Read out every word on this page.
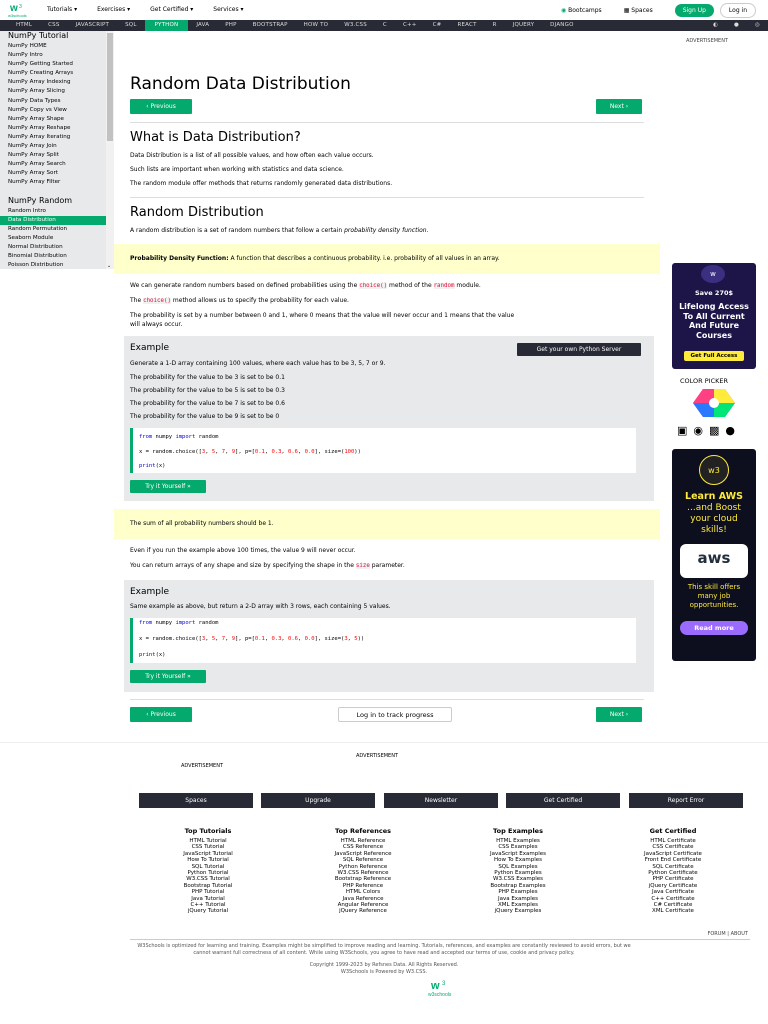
w 3
w3schools
Tutorials ▾	Exercises ▾	Get Certified ▾	Services ▾	◉ Bootcamps	▦ Spaces	Sign Up	Log in
HTML	CSS	JAVASCRIPT	SQL	PYTHON	JAVA	PHP	BOOTSTRAP	HOW TO	W3.CSS	C	C++	C#	REACT	R	JQUERY	DJANGO	◐	●	◎
NumPy Tutorial
NumPy HOME
NumPy Intro
NumPy Getting Started
NumPy Creating Arrays
NumPy Array Indexing
NumPy Array Slicing
NumPy Data Types
NumPy Copy vs View
NumPy Array Shape
NumPy Array Reshape
NumPy Array Iterating
NumPy Array Join
NumPy Array Split
NumPy Array Search
NumPy Array Sort
NumPy Array Filter
NumPy Random
Random Intro
Data Distribution
Random Permutation
Seaborn Module
Normal Distribution
Binomial Distribution
Poisson Distribution	⌄
Random Data Distribution
‹ Previous	Next ›
What is Data Distribution?
Data Distribution is a list of all possible values, and how often each value occurs.
Such lists are important when working with statistics and data science.
The random module offer methods that returns randomly generated data distributions.
Random Distribution
A random distribution is a set of random numbers that follow a certain probability density function.
Probability Density Function: A function that describes a continuous probability. i.e. probability of all values in an array.
We can generate random numbers based on defined probabilities using the choice() method of the random module.
The choice() method allows us to specify the probability for each value.
The probability is set by a number between 0 and 1, where 0 means that the value will never occur and 1 means that the value
will always occur.
Example	Get your own Python Server
Generate a 1-D array containing 100 values, where each value has to be 3, 5, 7 or 9.
The probability for the value to be 3 is set to be 0.1
The probability for the value to be 5 is set to be 0.3
The probability for the value to be 7 is set to be 0.6
The probability for the value to be 9 is set to be 0
from numpy import random
x = random.choice([3, 5, 7, 9], p=[0.1, 0.3, 0.6, 0.0], size=(100))
print(x)
Try it Yourself »
The sum of all probability numbers should be 1.
Even if you run the example above 100 times, the value 9 will never occur.
You can return arrays of any shape and size by specifying the shape in the size parameter.
Example
Same example as above, but return a 2-D array with 3 rows, each containing 5 values.
from numpy import random
x = random.choice([3, 5, 7, 9], p=[0.1, 0.3, 0.6, 0.0], size=(3, 5))
print(x)
Try it Yourself »
‹ Previous	Log in to track progress	Next ›
ADVERTISEMENT
w
Save 270$
Lifelong Access To All Current And Future Courses
Get Full Access
COLOR PICKER
▣ ◉ ▩ ●
w3
Learn AWS
...and Boost your cloud skills!
aws
This skill offers many job opportunities.
Read more
ADVERTISEMENT
ADVERTISEMENT
Spaces	Upgrade	Newsletter	Get Certified	Report Error
Top Tutorials
HTML Tutorial
CSS Tutorial
JavaScript Tutorial
How To Tutorial
SQL Tutorial
Python Tutorial
W3.CSS Tutorial
Bootstrap Tutorial
PHP Tutorial
Java Tutorial
C++ Tutorial
jQuery Tutorial
Top References
HTML Reference
CSS Reference
JavaScript Reference
SQL Reference
Python Reference
W3.CSS Reference
Bootstrap Reference
PHP Reference
HTML Colors
Java Reference
Angular Reference
jQuery Reference
Top Examples
HTML Examples
CSS Examples
JavaScript Examples
How To Examples
SQL Examples
Python Examples
W3.CSS Examples
Bootstrap Examples
PHP Examples
Java Examples
XML Examples
jQuery Examples
Get Certified
HTML Certificate
CSS Certificate
JavaScript Certificate
Front End Certificate
SQL Certificate
Python Certificate
PHP Certificate
jQuery Certificate
Java Certificate
C++ Certificate
C# Certificate
XML Certificate
FORUM | ABOUT
W3Schools is optimized for learning and training. Examples might be simplified to improve reading and learning. Tutorials, references, and examples are constantly reviewed to avoid errors, but we
cannot warrant full correctness of all content. While using W3Schools, you agree to have read and accepted our terms of use, cookie and privacy policy.
Copyright 1999-2023 by Refsnes Data. All Rights Reserved.
W3Schools is Powered by W3.CSS.
w 3
w3schools
